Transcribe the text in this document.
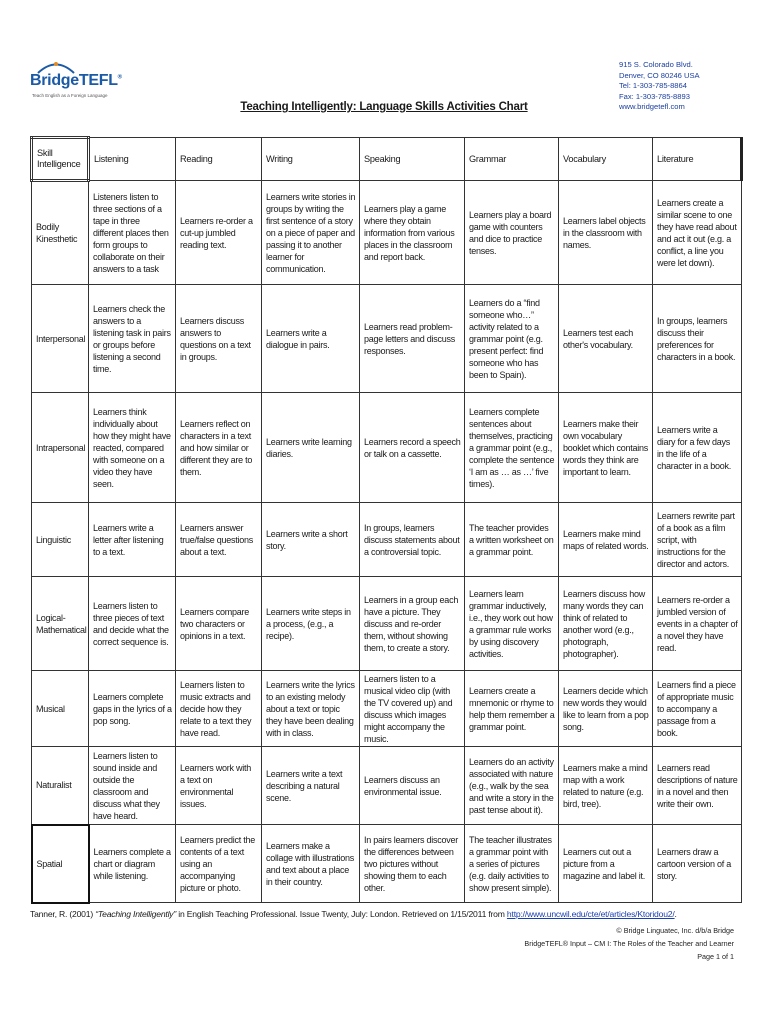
BridgeTEFL®
Teach English as a Foreign Language
915 S. Colorado Blvd.
Denver, CO 80246 USA
Tel: 1-303-785-8864
Fax: 1-303-785-8893
www.bridgetefl.com
Teaching Intelligently: Language Skills Activities Chart
Skill
Intelligence	Listening	Reading	Writing	Speaking	Grammar	Vocabulary	Literature
Bodily Kinesthetic	Listeners listen to three sections of a tape in three different places then form groups to collaborate on their answers to a task	Learners re-order a cut-up jumbled reading text.	Learners write stories in groups by writing the first sentence of a story on a piece of paper and passing it to another learner for communication.	Learners play a game where they obtain information from various places in the classroom and report back.	Learners play a board game with counters and dice to practice tenses.	Learners label objects in the classroom with names.	Learners create a similar scene to one they have read about and act it out (e.g. a conflict, a line you were let down).
Interpersonal	Learners check the answers to a listening task in pairs or groups before listening a second time.	Learners discuss answers to questions on a text in groups.	Learners write a dialogue in pairs.	Learners read problem-page letters and discuss responses.	Learners do a “find someone who…” activity related to a grammar point (e.g. present perfect: find someone who has been to Spain).	Learners test each other's vocabulary.	In groups, learners discuss their preferences for characters in a book.
Intrapersonal	Learners think individually about how they might have reacted, compared with someone on a video they have seen.	Learners reflect on characters in a text and how similar or different they are to them.	Learners write learning diaries.	Learners record a speech or talk on a cassette.	Learners complete sentences about themselves, practicing a grammar point (e.g., complete the sentence ‘I am as … as …’ five times).	Learners make their own vocabulary booklet which contains words they think are important to learn.	Learners write a diary for a few days in the life of a character in a book.
Linguistic	Learners write a letter after listening to a text.	Learners answer true/false questions about a text.	Learners write a short story.	In groups, learners discuss statements about a controversial topic.	The teacher provides a written worksheet on a grammar point.	Learners make mind maps of related words.	Learners rewrite part of a book as a film script, with instructions for the director and actors.
Logical-Mathematical	Learners listen to three pieces of text and decide what the correct sequence is.	Learners compare two characters or opinions in a text.	Learners write steps in a process, (e.g., a recipe).	Learners in a group each have a picture. They discuss and re-order them, without showing them, to create a story.	Learners learn grammar inductively, i.e., they work out how a grammar rule works by using discovery activities.	Learners discuss how many words they can think of related to another word (e.g., photograph, photographer).	Learners re-order a jumbled version of events in a chapter of a novel they have read.
Musical	Learners complete gaps in the lyrics of a pop song.	Learners listen to music extracts and decide how they relate to a text they have read.	Learners write the lyrics to an existing melody about a text or topic they have been dealing with in class.	Learners listen to a musical video clip (with the TV covered up) and discuss which images might accompany the music.	Learners create a mnemonic or rhyme to help them remember a grammar point.	Learners decide which new words they would like to learn from a pop song.	Learners find a piece of appropriate music to accompany a passage from a book.
Naturalist	Learners listen to sound inside and outside the classroom and discuss what they have heard.	Learners work with a text on environmental issues.	Learners write a text describing a natural scene.	Learners discuss an environmental issue.	Learners do an activity associated with nature (e.g., walk by the sea and write a story in the past tense about it).	Learners make a mind map with a work related to nature (e.g. bird, tree).	Learners read descriptions of nature in a novel and then write their own.
Spatial	Learners complete a chart or diagram while listening.	Learners predict the contents of a text using an accompanying picture or photo.	Learners make a collage with illustrations and text about a place in their country.	In pairs learners discover the differences between two pictures without showing them to each other.	The teacher illustrates a grammar point with a series of pictures (e.g. daily activities to show present simple).	Learners cut out a picture from a magazine and label it.	Learners draw a cartoon version of a story.
Tanner, R. (2001) “Teaching Intelligently” in English Teaching Professional. Issue Twenty, July: London. Retrieved on 1/15/2011 from http://www.uncwil.edu/cte/et/articles/Ktoridou2/.
© Bridge Linguatec, Inc. d/b/a Bridge
BridgeTEFL® Input – CM I: The Roles of the Teacher and Learner
Page 1 of 1
